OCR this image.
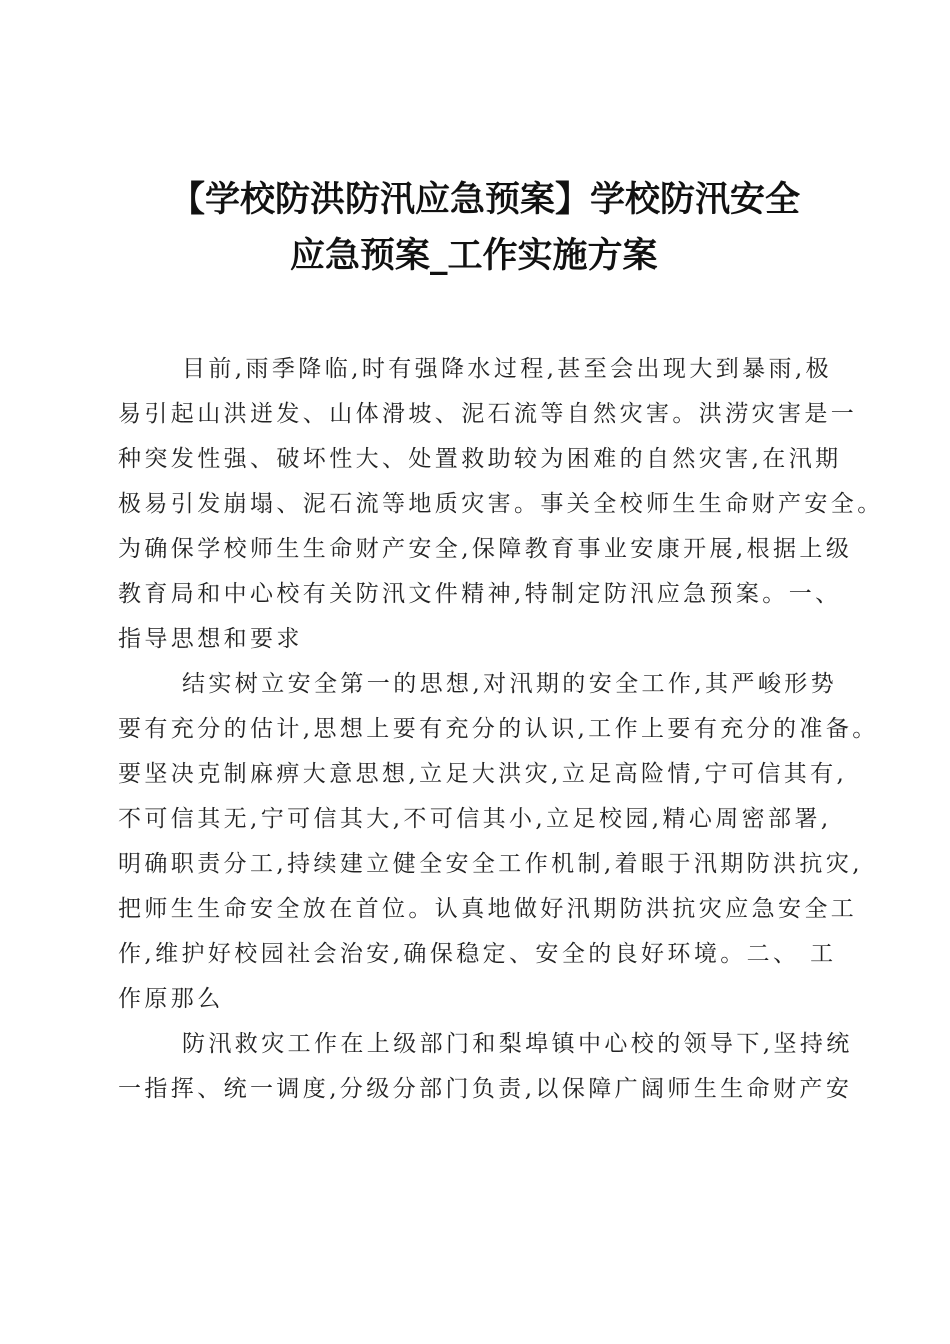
【学校防洪防汛应急预案】学校防汛安全
应急预案_工作实施方案
目前,雨季降临,时有强降水过程,甚至会出现大到暴雨,极
易引起山洪迸发、山体滑坡、泥石流等自然灾害。洪涝灾害是一
种突发性强、破坏性大、处置救助较为困难的自然灾害,在汛期
极易引发崩塌、泥石流等地质灾害。事关全校师生生命财产安全。
为确保学校师生生命财产安全,保障教育事业安康开展,根据上级
教育局和中心校有关防汛文件精神,特制定防汛应急预案。一、
指导思想和要求
结实树立安全第一的思想,对汛期的安全工作,其严峻形势
要有充分的估计,思想上要有充分的认识,工作上要有充分的准备。
要坚决克制麻痹大意思想,立足大洪灾,立足高险情,宁可信其有,
不可信其无,宁可信其大,不可信其小,立足校园,精心周密部署,
明确职责分工,持续建立健全安全工作机制,着眼于汛期防洪抗灾,
把师生生命安全放在首位。认真地做好汛期防洪抗灾应急安全工
作,维护好校园社会治安,确保稳定、安全的良好环境。二、 工
作原那么
防汛救灾工作在上级部门和梨埠镇中心校的领导下,坚持统
一指挥、统一调度,分级分部门负责,以保障广阔师生生命财产安
